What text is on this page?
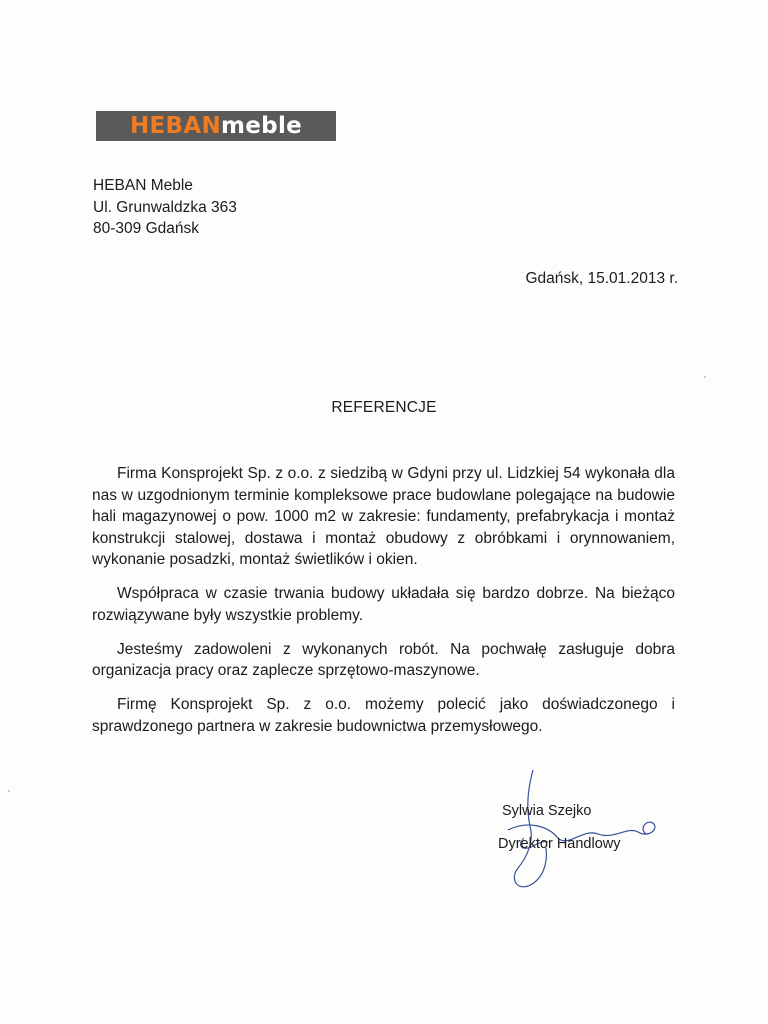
HEBAN meble
HEBAN Meble
Ul. Grunwaldzka 363
80-309 Gdańsk
Gdańsk, 15.01.2013 r.
REFERENCJE

Firma Konsprojekt Sp. z o.o. z siedzibą w Gdyni przy ul. Lidzkiej 54 wykonała dla nas w uzgodnionym terminie kompleksowe prace budowlane polegające na budowie hali magazynowej o pow. 1000 m2 w zakresie: fundamenty, prefabrykacja i montaż konstrukcji stalowej, dostawa i montaż obudowy z obróbkami i orynnowaniem, wykonanie posadzki, montaż świetlików i okien.

Współpraca w czasie trwania budowy układała się bardzo dobrze. Na bieżąco rozwiązywane były wszystkie problemy.

Jesteśmy zadowoleni z wykonanych robót. Na pochwałę zasługuje dobra organizacja pracy oraz zaplecze sprzętowo-maszynowe.

Firmę Konsprojekt Sp. z o.o. możemy polecić jako doświadczonego i sprawdzonego partnera w zakresie budownictwa przemysłowego.

Sylwia Szejko
Dyrektor Handlowy
